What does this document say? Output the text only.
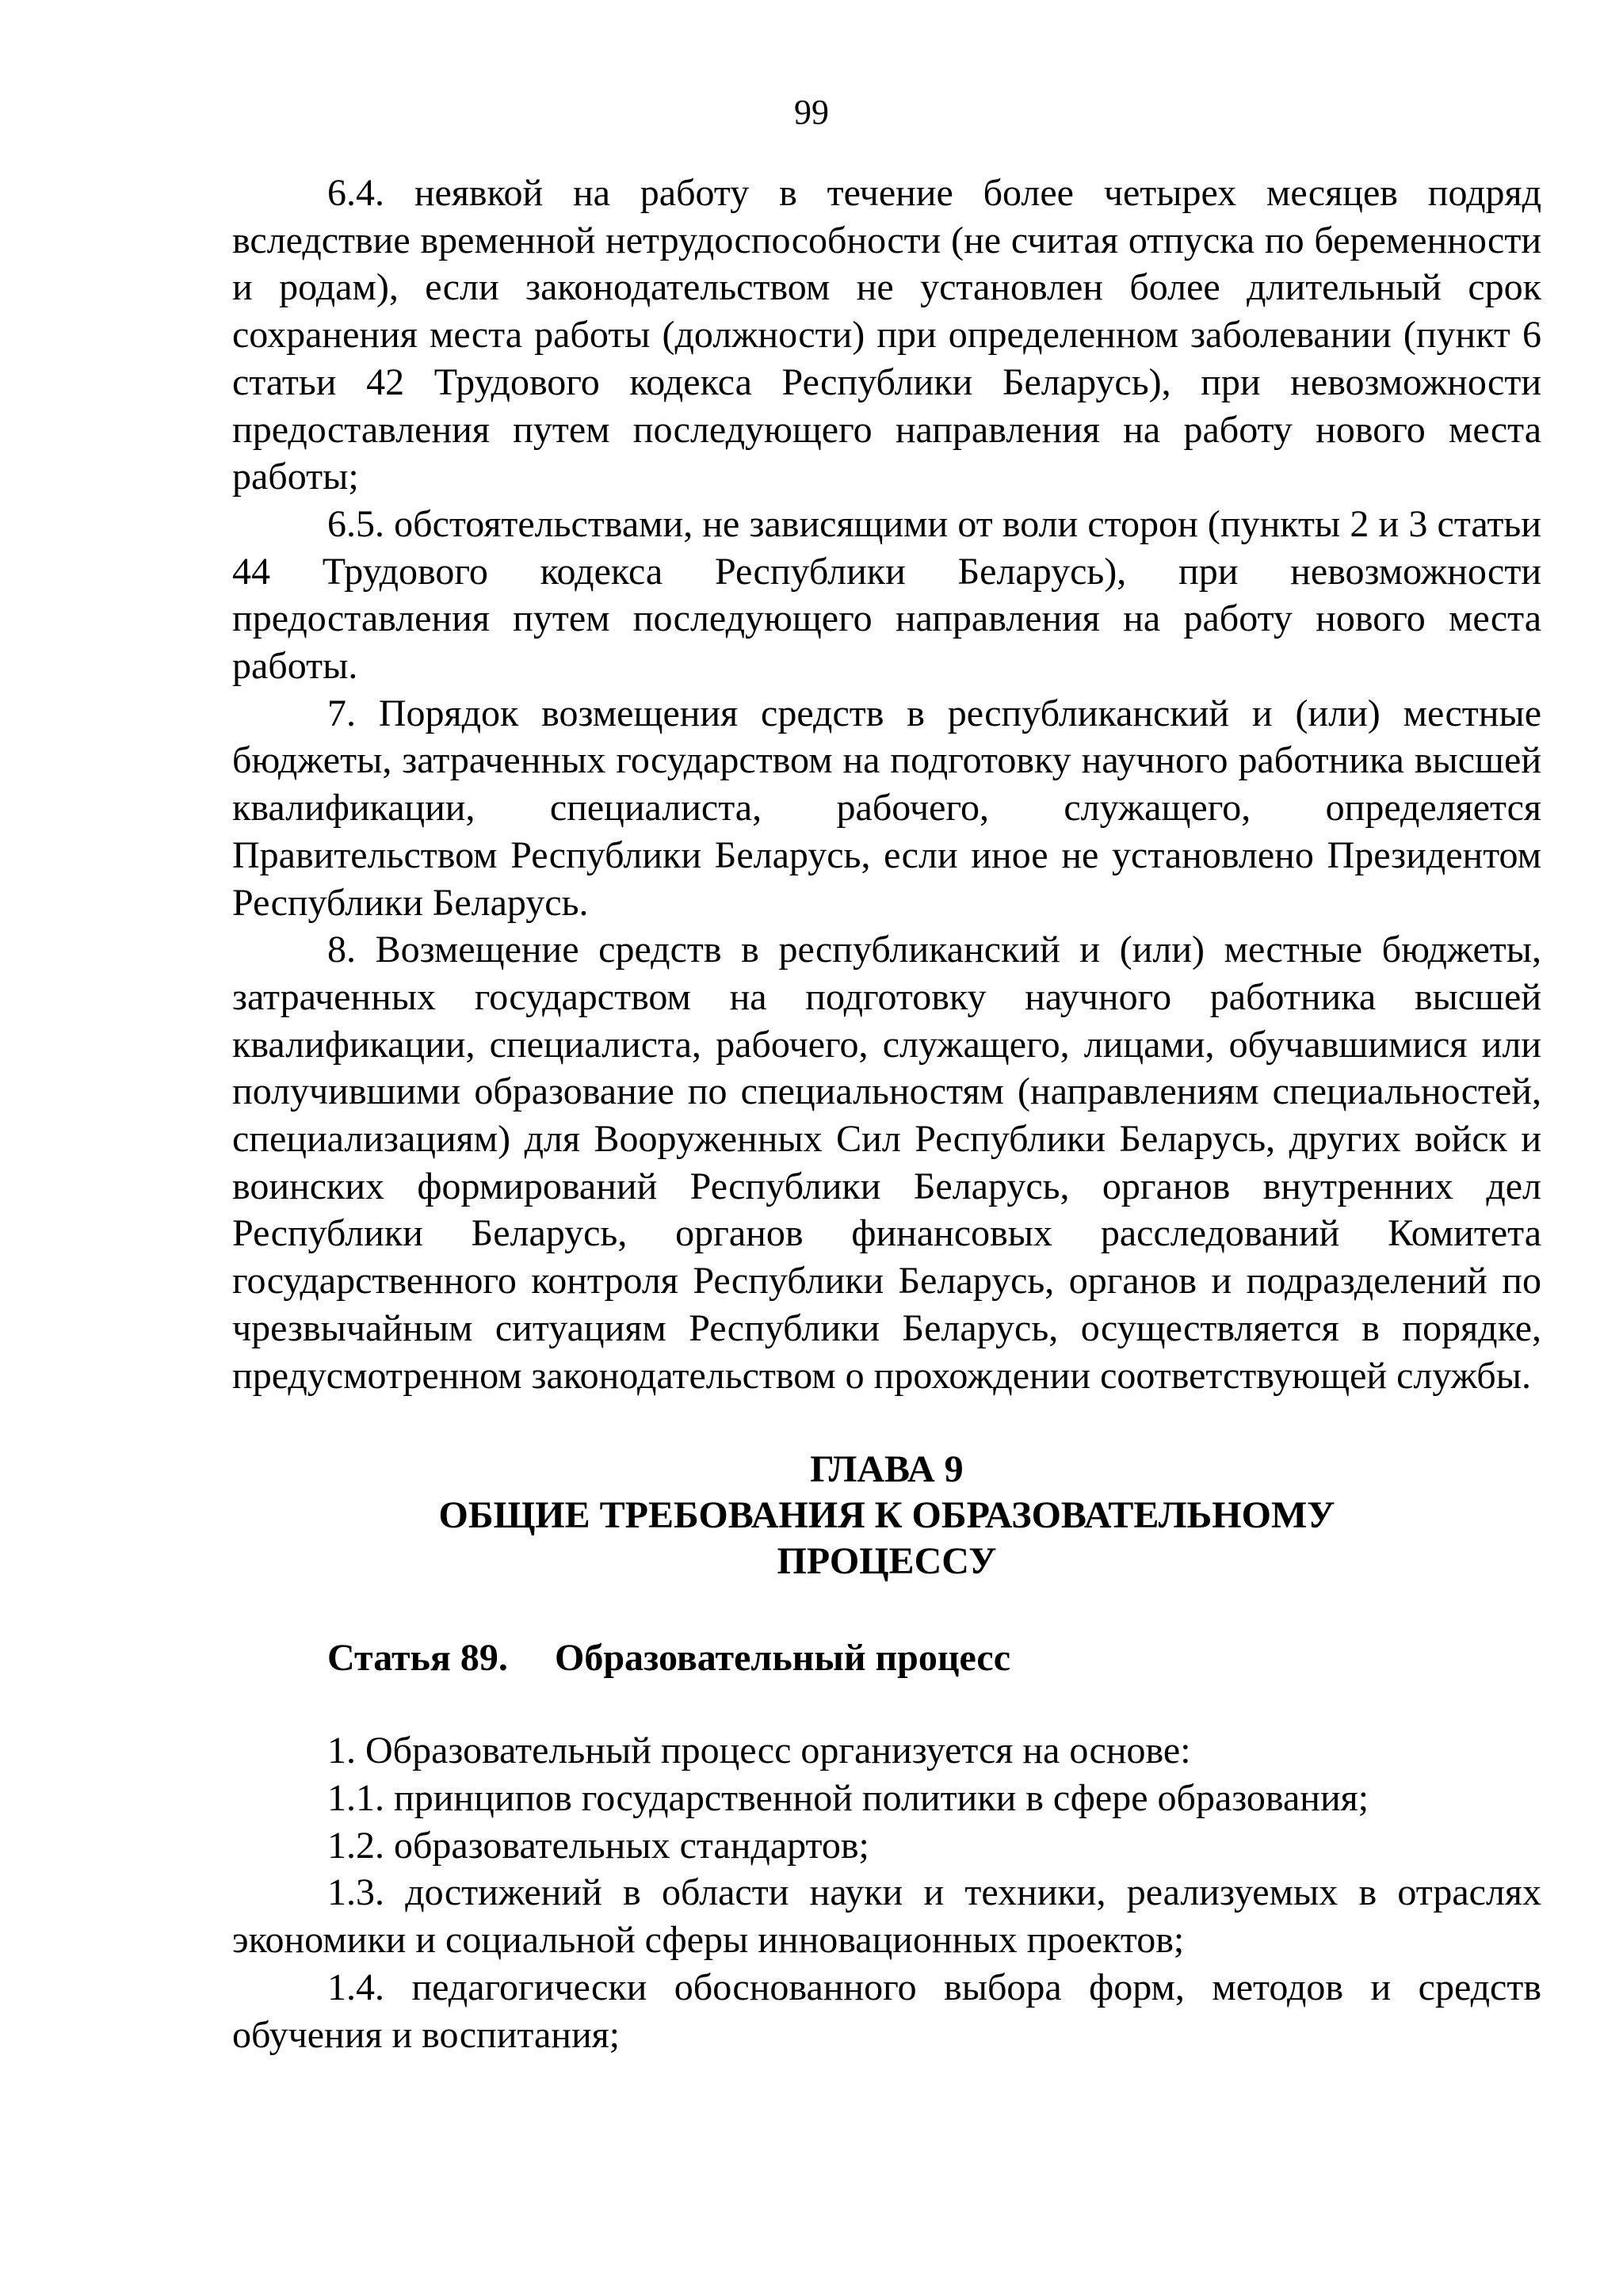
99

6.4. неявкой на работу в течение более четырех месяцев подряд вследствие временной нетрудоспособности (не считая отпуска по беременности и родам), если законодательством не установлен более длительный срок сохранения места работы (должности) при определенном заболевании (пункт 6 статьи 42 Трудового кодекса Республики Беларусь), при невозможности предоставления путем последующего направления на работу нового места работы;

6.5. обстоятельствами, не зависящими от воли сторон (пункты 2 и 3 статьи 44 Трудового кодекса Республики Беларусь), при невозможности предоставления путем последующего направления на работу нового места работы.

7. Порядок возмещения средств в республиканский и (или) местные бюджеты, затраченных государством на подготовку научного работника высшей квалификации, специалиста, рабочего, служащего, определяется Правительством Республики Беларусь, если иное не установлено Президентом Республики Беларусь.

8. Возмещение средств в республиканский и (или) местные бюджеты, затраченных государством на подготовку научного работника высшей квалификации, специалиста, рабочего, служащего, лицами, обучавшимися или получившими образование по специальностям (направлениям специальностей, специализациям) для Вооруженных Сил Республики Беларусь, других войск и воинских формирований Республики Беларусь, органов внутренних дел Республики Беларусь, органов финансовых расследований Комитета государственного контроля Республики Беларусь, органов и подразделений по чрезвычайным ситуациям Республики Беларусь, осуществляется в порядке, предусмотренном законодательством о прохождении соответствующей службы.

ГЛАВА 9
ОБЩИЕ ТРЕБОВАНИЯ К ОБРАЗОВАТЕЛЬНОМУ
ПРОЦЕССУ
Статья 89. Образовательный процесс

1. Образовательный процесс организуется на основе:

1.1. принципов государственной политики в сфере образования;

1.2. образовательных стандартов;

1.3. достижений в области науки и техники, реализуемых в отраслях экономики и социальной сферы инновационных проектов;

1.4. педагогически обоснованного выбора форм, методов и средств обучения и воспитания;
